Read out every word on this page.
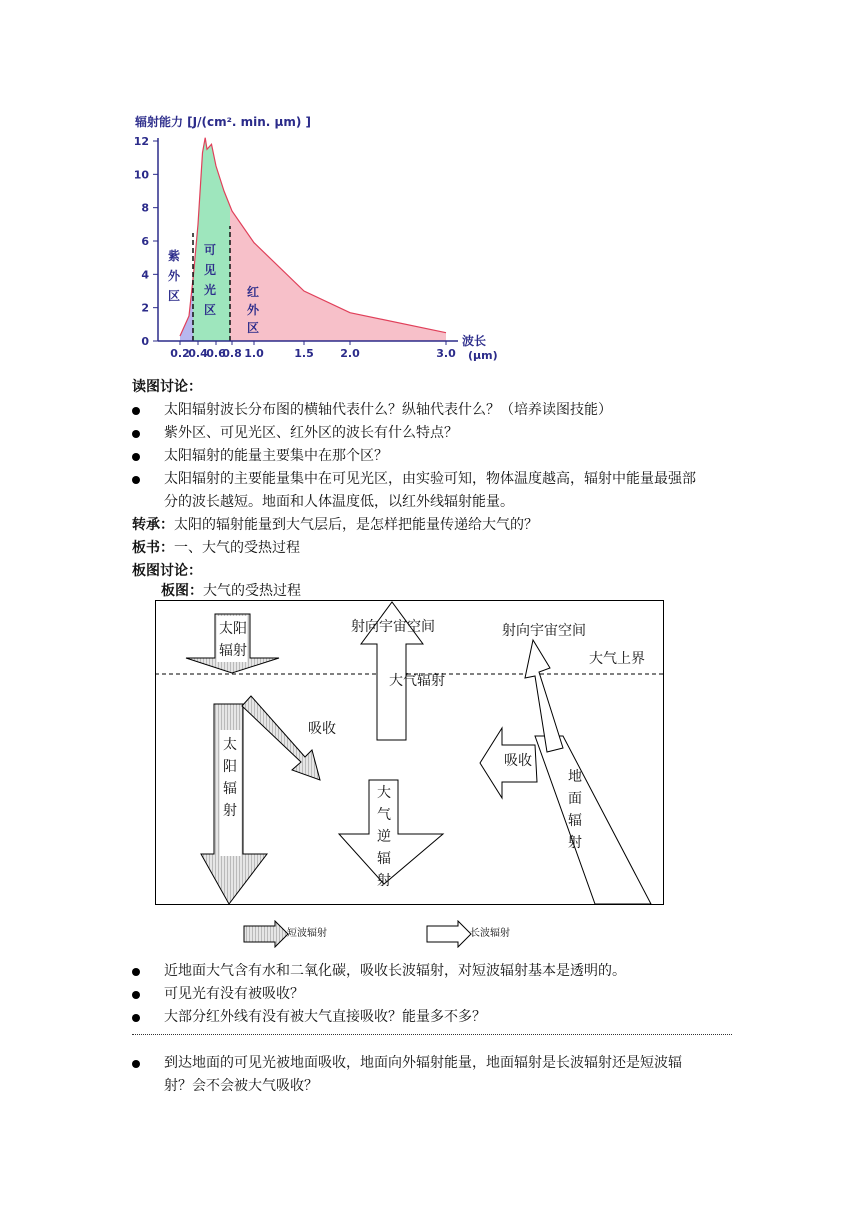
辐射能力 [J/(cm². min. μm) ]
12
10
8
6
4
2
0
0.2
0.4
0.6
0.8 1.0	1.5 2.0	3.0
波长
(μm)
紫
外
区
可
见
光
区
红
外
区
读图讨论：
太阳辐射波长分布图的横轴代表什么？纵轴代表什么？（培养读图技能）
紫外区、可见光区、红外区的波长有什么特点？
太阳辐射的能量主要集中在那个区？
太阳辐射的主要能量集中在可见光区，由实验可知，物体温度越高，辐射中能量最强部
分的波长越短。地面和人体温度低，以红外线辐射能量。
转承：太阳的辐射能量到大气层后，是怎样把能量传递给大气的？
板书：一、大气的受热过程
板图讨论：
板图：大气的受热过程
太阳
辐射
射向宇宙空间	射向宇宙空间
大气上界
大气辐射
吸收
吸收
太
阳
辐
射
大
气
逆
辐
射
地
面
辐
射
短波辐射	长波辐射
近地面大气含有水和二氧化碳，吸收长波辐射，对短波辐射基本是透明的。
可见光有没有被吸收？
大部分红外线有没有被大气直接吸收？能量多不多？
到达地面的可见光被地面吸收，地面向外辐射能量，地面辐射是长波辐射还是短波辐
射？会不会被大气吸收？
